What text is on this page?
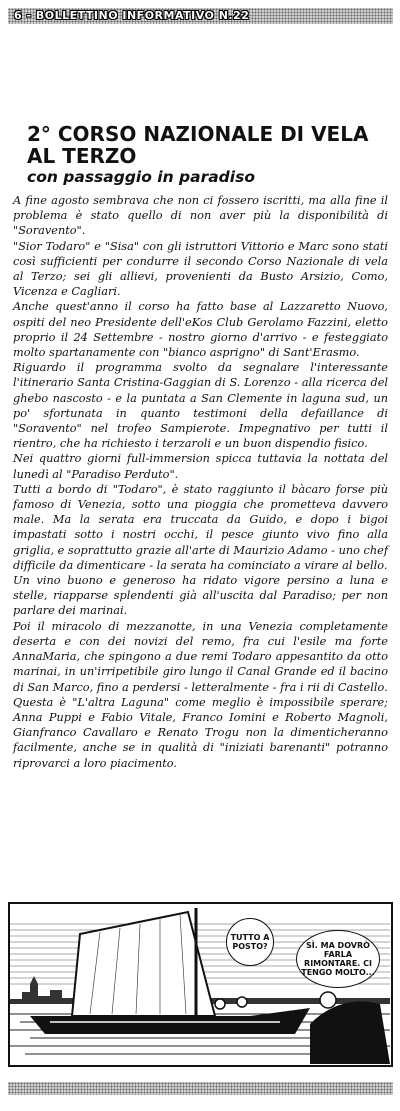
6 - BOLLETTINO INFORMATIVO N.22
2° CORSO NAZIONALE DI VELA AL TERZO
con passaggio in paradiso

A fine agosto sembrava che non ci fossero iscritti, ma alla fine il problema è stato quello di non aver più la disponibilità di "Soravento".

"Sior Todaro" e "Sisa" con gli istruttori Vittorio e Marc sono stati così sufficienti per condurre il secondo Corso Nazionale di vela al Terzo; sei gli allievi, provenienti da Busto Arsizio, Como, Vicenza e Cagliari.

Anche quest'anno il corso ha fatto base al Lazzaretto Nuovo, ospiti del neo Presidente dell'eKos Club Gerolamo Fazzini, eletto proprio il 24 Settembre - nostro giorno d'arrivo - e festeggiato molto spartanamente con "bianco asprigno" di Sant'Erasmo.

Riguardo il programma svolto da segnalare l'interessante l'itinerario Santa Cristina-Gaggian di S. Lorenzo - alla ricerca del ghebo nascosto - e la puntata a San Clemente in laguna sud, un po' sfortunata in quanto testimoni della defaillance di "Soravento" nel trofeo Sampierote. Impegnativo per tutti il rientro, che ha richiesto i terzaroli e un buon dispendio fisico.

Nei quattro giorni full-immersion spicca tuttavia la nottata del lunedì al "Paradiso Perduto".

Tutti a bordo di "Todaro", è stato raggiunto il bàcaro forse più famoso di Venezia, sotto una pioggia che prometteva davvero male. Ma la serata era truccata da Guido, e dopo i bigoi impastati sotto i nostri occhi, il pesce giunto vivo fino alla griglia, e soprattutto grazie all'arte di Maurizio Adamo - uno chef difficile da dimenticare - la serata ha cominciato a virare al bello.

Un vino buono e generoso ha ridato vigore persino a luna e stelle, riapparse splendenti già all'uscita dal Paradiso; per non parlare dei marinai.

Poi il miracolo di mezzanotte, in una Venezia completamente deserta e con dei novizi del remo, fra cui l'esile ma forte AnnaMaria, che spingono a due remi Todaro appesantito da otto marinai, in un'irripetibile giro lungo il Canal Grande ed il bacino di San Marco, fino a perdersi - letteralmente - fra i rii di Castello.

Questa è "L'altra Laguna" come meglio è impossibile sperare; Anna Puppi e Fabio Vitale, Franco Iomini e Roberto Magnoli, Gianfranco Cavallaro e Renato Trogu non la dimenticheranno facilmente, anche se in qualità di "iniziati barenanti" potranno riprovarci a loro piacimento.

TUTTO A POSTO?	SÌ. MA DOVRÒ FARLA RIMONTARE. CI TENGO MOLTO...
